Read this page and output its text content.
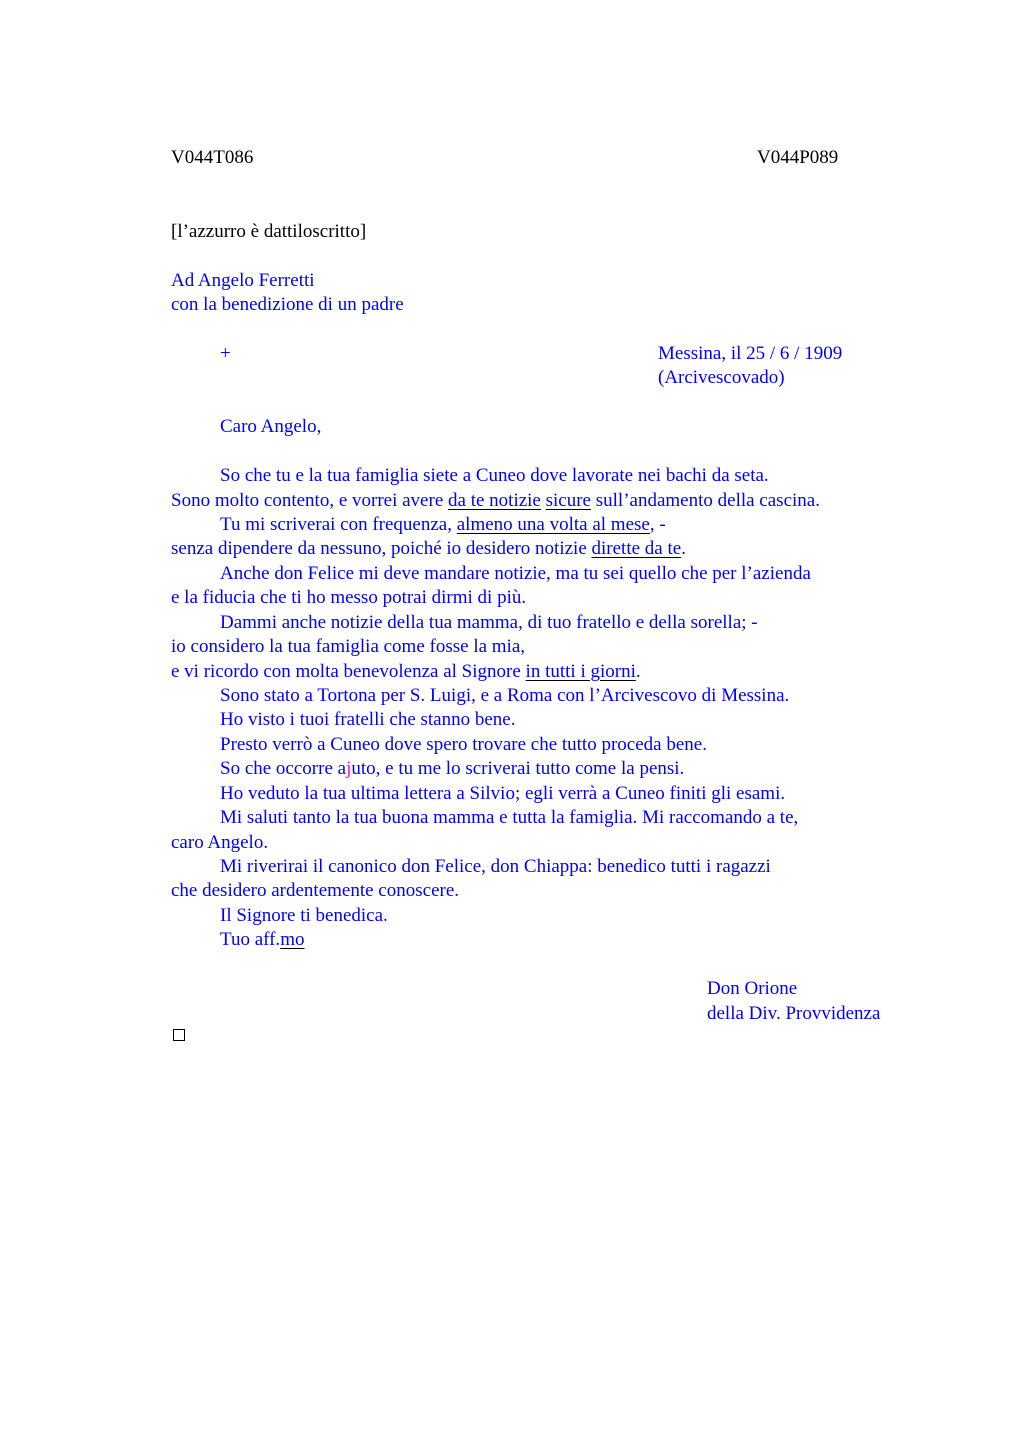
V044T086	V044P089
[l’azzurro è dattiloscritto]
Ad Angelo Ferretti
con la benedizione di un padre
+	Messina, il 25 / 6 / 1909
(Arcivescovado)
Caro Angelo,
So che tu e la tua famiglia siete a Cuneo dove lavorate nei bachi da seta.
Sono molto contento, e vorrei avere da te notizie sicure sull’andamento della cascina.
Tu mi scriverai con frequenza, almeno una volta al mese, -
senza dipendere da nessuno, poiché io desidero notizie dirette da te.
Anche don Felice mi deve mandare notizie, ma tu sei quello che per l’azienda
e la fiducia che ti ho messo potrai dirmi di più.
Dammi anche notizie della tua mamma, di tuo fratello e della sorella; -
io considero la tua famiglia come fosse la mia,
e vi ricordo con molta benevolenza al Signore in tutti i giorni.
Sono stato a Tortona per S. Luigi, e a Roma con l’Arcivescovo di Messina.
Ho visto i tuoi fratelli che stanno bene.
Presto verrò a Cuneo dove spero trovare che tutto proceda bene.
So che occorre ajuto, e tu me lo scriverai tutto come la pensi.
Ho veduto la tua ultima lettera a Silvio; egli verrà a Cuneo finiti gli esami.
Mi saluti tanto la tua buona mamma e tutta la famiglia. Mi raccomando a te,
caro Angelo.
Mi riverirai il canonico don Felice, don Chiappa: benedico tutti i ragazzi
che desidero ardentemente conoscere.
Il Signore ti benedica.
Tuo aff.mo
Don Orione
della Div. Provvidenza
